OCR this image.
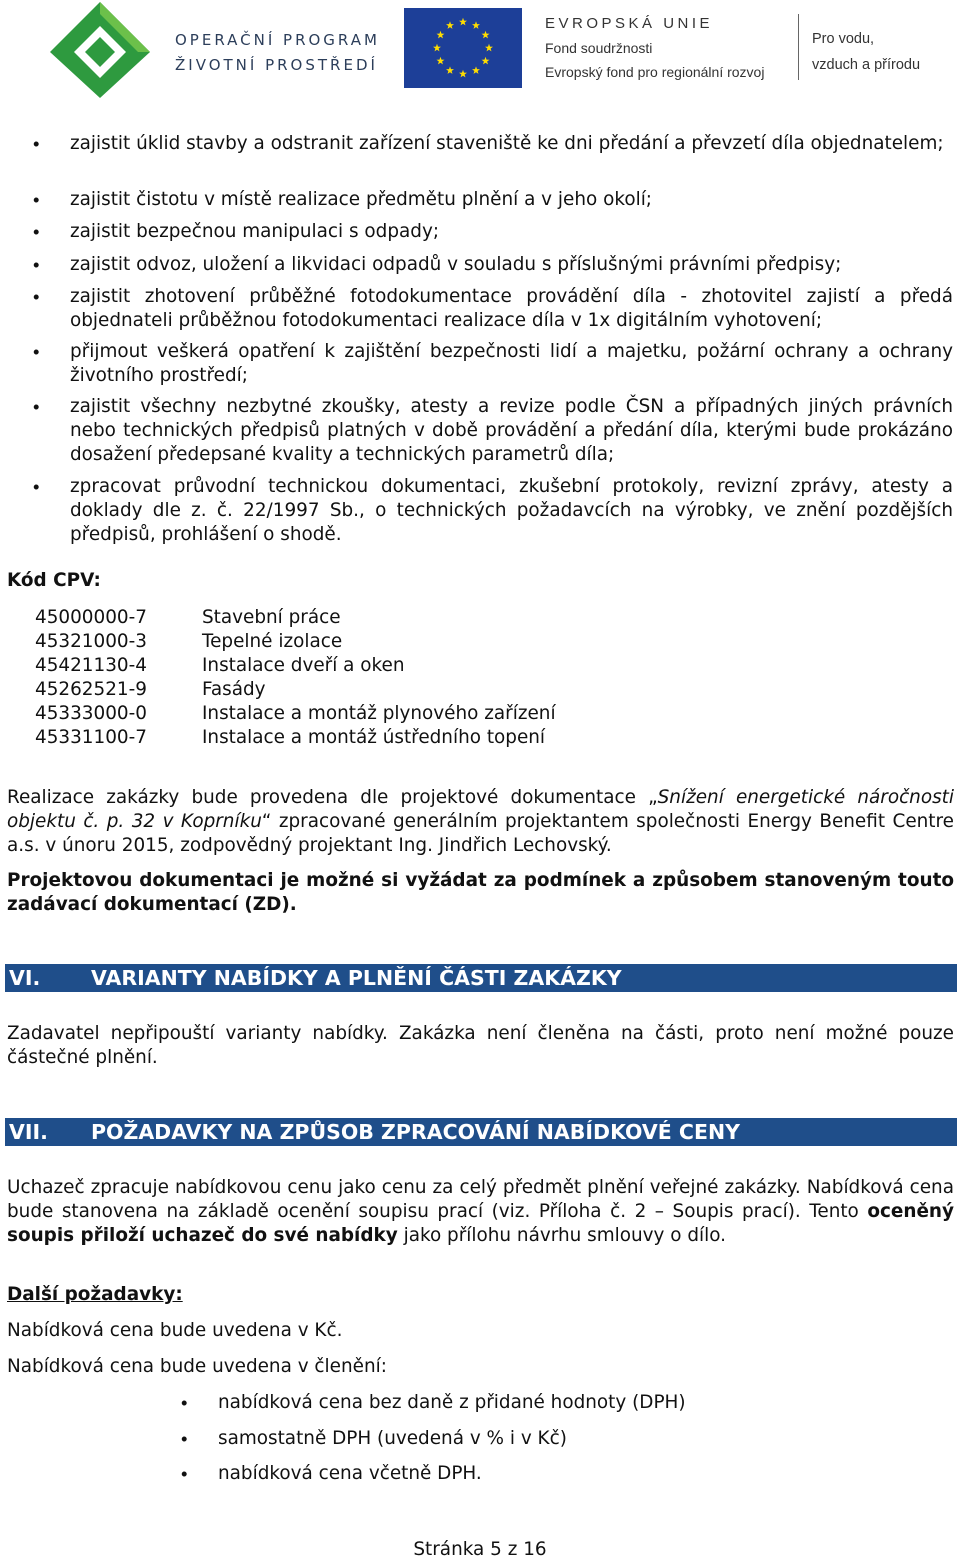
OPERAČNÍ PROGRAM
ŽIVOTNÍ PROSTŘEDÍ
EVROPSKÁ UNIE
Fond soudržnosti
Evropský fond pro regionální rozvoj
Pro vodu,
vzduch a přírodu
• zajistit úklid stavby a odstranit zařízení staveniště ke dni předání a převzetí díla objednatelem;
• zajistit čistotu v místě realizace předmětu plnění a v jeho okolí;
• zajistit bezpečnou manipulaci s odpady;
• zajistit odvoz, uložení a likvidaci odpadů v souladu s příslušnými právními předpisy;
• zajistit zhotovení průběžné fotodokumentace provádění díla - zhotovitel zajistí a předá objednateli průběžnou fotodokumentaci realizace díla v 1x digitálním vyhotovení;
• přijmout veškerá opatření k zajištění bezpečnosti lidí a majetku, požární ochrany a ochrany životního prostředí;
• zajistit všechny nezbytné zkoušky, atesty a revize podle ČSN a případných jiných právních nebo technických předpisů platných v době provádění a předání díla, kterými bude prokázáno dosažení předepsané kvality a technických parametrů díla;
• zpracovat průvodní technickou dokumentaci, zkušební protokoly, revizní zprávy, atesty a doklady dle z. č. 22/1997 Sb., o technických požadavcích na výrobky, ve znění pozdějších předpisů, prohlášení o shodě.
Kód CPV:
45000000-7	Stavební práce
45321000-3	Tepelné izolace
45421130-4	Instalace dveří a oken
45262521-9	Fasády
45333000-0	Instalace a montáž plynového zařízení
45331100-7	Instalace a montáž ústředního topení
Realizace zakázky bude provedena dle projektové dokumentace „Snížení energetické náročnosti objektu č. p. 32 v Koprníku“ zpracované generálním projektantem společnosti Energy Benefit Centre a.s. v únoru 2015, zodpovědný projektant Ing. Jindřich Lechovský.
Projektovou dokumentaci je možné si vyžádat za podmínek a způsobem stanoveným touto zadávací dokumentací (ZD).
VI. VARIANTY NABÍDKY A PLNĚNÍ ČÁSTI ZAKÁZKY
Zadavatel nepřipouští varianty nabídky. Zakázka není členěna na části, proto není možné pouze částečné plnění.
VII. POŽADAVKY NA ZPŮSOB ZPRACOVÁNÍ NABÍDKOVÉ CENY
Uchazeč zpracuje nabídkovou cenu jako cenu za celý předmět plnění veřejné zakázky. Nabídková cena bude stanovena na základě ocenění soupisu prací (viz. Příloha č. 2 – Soupis prací). Tento oceněný soupis přiloží uchazeč do své nabídky jako přílohu návrhu smlouvy o dílo.
Další požadavky:
Nabídková cena bude uvedena v Kč.
Nabídková cena bude uvedena v členění:
• nabídková cena bez daně z přidané hodnoty (DPH)
• samostatně DPH (uvedená v % i v Kč)
• nabídková cena včetně DPH.
Stránka 5 z 16
